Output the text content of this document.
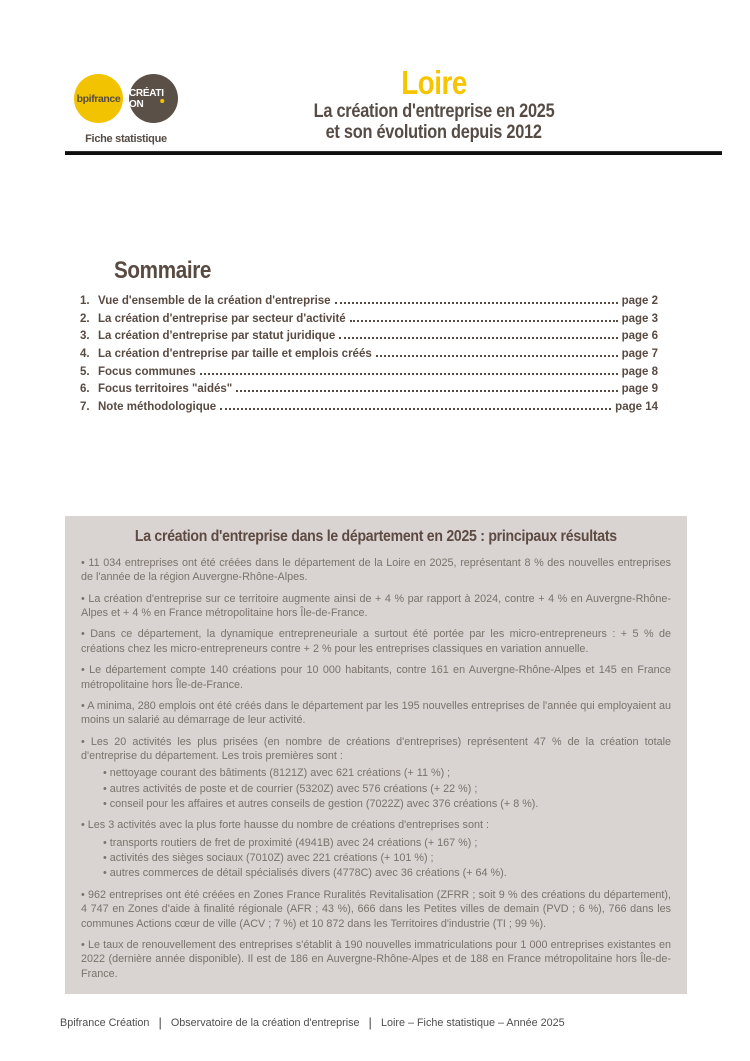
bpifrance CRÉATION
Fiche statistique
Loire
La création d'entreprise en 2025
et son évolution depuis 2012
Sommaire
1. Vue d'ensemble de la création d'entreprise	page 2
2. La création d'entreprise par secteur d'activité	page 3
3. La création d'entreprise par statut juridique	page 6
4. La création d'entreprise par taille et emplois créés	page 7
5. Focus communes	page 8
6. Focus territoires "aidés"	page 9
7. Note méthodologique	page 14
La création d'entreprise dans le département en 2025 : principaux résultats

• 11 034 entreprises ont été créées dans le département de la Loire en 2025, représentant 8 % des nouvelles entreprises de l'année de la région Auvergne-Rhône-Alpes.

• La création d'entreprise sur ce territoire augmente ainsi de + 4 % par rapport à 2024, contre + 4 % en Auvergne-Rhône-Alpes et + 4 % en France métropolitaine hors Île-de-France.

• Dans ce département, la dynamique entrepreneuriale a surtout été portée par les micro-entrepreneurs : + 5 % de créations chez les micro-entrepreneurs contre + 2 % pour les entreprises classiques en variation annuelle.

• Le département compte 140 créations pour 10 000 habitants, contre 161 en Auvergne-Rhône-Alpes et 145 en France métropolitaine hors Île-de-France.

• A minima, 280 emplois ont été créés dans le département par les 195 nouvelles entreprises de l'année qui employaient au moins un salarié au démarrage de leur activité.

• Les 20 activités les plus prisées (en nombre de créations d'entreprises) représentent 47 % de la création totale d'entreprise du département. Les trois premières sont :

• nettoyage courant des bâtiments (8121Z) avec 621 créations (+ 11 %) ;

• autres activités de poste et de courrier (5320Z) avec 576 créations (+ 22 %) ;

• conseil pour les affaires et autres conseils de gestion (7022Z) avec 376 créations (+ 8 %).

• Les 3 activités avec la plus forte hausse du nombre de créations d'entreprises sont :

• transports routiers de fret de proximité (4941B) avec 24 créations (+ 167 %) ;

• activités des sièges sociaux (7010Z) avec 221 créations (+ 101 %) ;

• autres commerces de détail spécialisés divers (4778C) avec 36 créations (+ 64 %).

• 962 entreprises ont été créées en Zones France Ruralités Revitalisation (ZFRR ; soit 9 % des créations du département), 4 747 en Zones d'aide à finalité régionale (AFR ; 43 %), 666 dans les Petites villes de demain (PVD ; 6 %), 766 dans les communes Actions cœur de ville (ACV ; 7 %) et 10 872 dans les Territoires d'industrie (TI ; 99 %).

• Le taux de renouvellement des entreprises s'établit à 190 nouvelles immatriculations pour 1 000 entreprises existantes en 2022 (dernière année disponible). Il est de 186 en Auvergne-Rhône-Alpes et de 188 en France métropolitaine hors Île-de-France.

Bpifrance Création | Observatoire de la création d'entreprise | Loire – Fiche statistique – Année 2025
